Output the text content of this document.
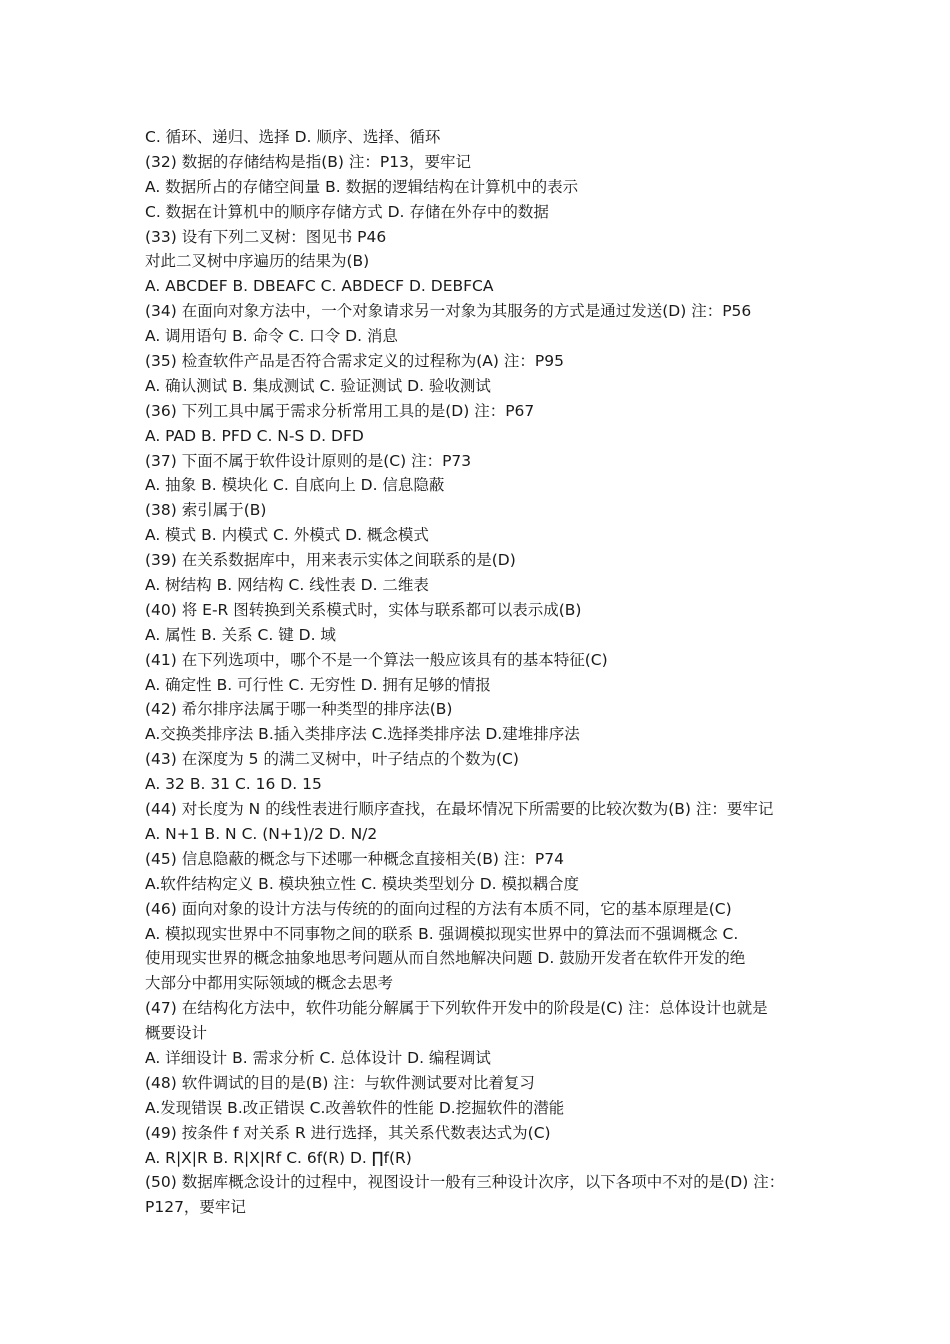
C. 循环、递归、选择 D. 顺序、选择、循环
(32) 数据的存储结构是指(B) 注：P13，要牢记
A. 数据所占的存储空间量 B. 数据的逻辑结构在计算机中的表示
C. 数据在计算机中的顺序存储方式 D. 存储在外存中的数据
(33) 设有下列二叉树：图见书 P46
对此二叉树中序遍历的结果为(B)
A. ABCDEF B. DBEAFC C. ABDECF D. DEBFCA
(34) 在面向对象方法中，一个对象请求另一对象为其服务的方式是通过发送(D) 注：P56
A. 调用语句 B. 命令 C. 口令 D. 消息
(35) 检查软件产品是否符合需求定义的过程称为(A) 注：P95
A. 确认测试 B. 集成测试 C. 验证测试 D. 验收测试
(36) 下列工具中属于需求分析常用工具的是(D) 注：P67
A. PAD B. PFD C. N-S D. DFD
(37) 下面不属于软件设计原则的是(C) 注：P73
A. 抽象 B. 模块化 C. 自底向上 D. 信息隐蔽
(38) 索引属于(B)
A. 模式 B. 内模式 C. 外模式 D. 概念模式
(39) 在关系数据库中，用来表示实体之间联系的是(D)
A. 树结构 B. 网结构 C. 线性表 D. 二维表
(40) 将 E-R 图转换到关系模式时，实体与联系都可以表示成(B)
A. 属性 B. 关系 C. 键 D. 域
(41) 在下列选项中，哪个不是一个算法一般应该具有的基本特征(C)
A. 确定性 B. 可行性 C. 无穷性 D. 拥有足够的情报
(42) 希尔排序法属于哪一种类型的排序法(B)
A.交换类排序法 B.插入类排序法 C.选择类排序法 D.建堆排序法
(43) 在深度为 5 的满二叉树中，叶子结点的个数为(C)
A. 32 B. 31 C. 16 D. 15
(44) 对长度为 N 的线性表进行顺序查找，在最坏情况下所需要的比较次数为(B) 注：要牢记
A. N+1 B. N C. (N+1)/2 D. N/2
(45) 信息隐蔽的概念与下述哪一种概念直接相关(B) 注：P74
A.软件结构定义 B. 模块独立性 C. 模块类型划分 D. 模拟耦合度
(46) 面向对象的设计方法与传统的的面向过程的方法有本质不同，它的基本原理是(C)
A. 模拟现实世界中不同事物之间的联系 B. 强调模拟现实世界中的算法而不强调概念 C.
使用现实世界的概念抽象地思考问题从而自然地解决问题 D. 鼓励开发者在软件开发的绝
大部分中都用实际领域的概念去思考
(47) 在结构化方法中，软件功能分解属于下列软件开发中的阶段是(C) 注：总体设计也就是
概要设计
A. 详细设计 B. 需求分析 C. 总体设计 D. 编程调试
(48) 软件调试的目的是(B) 注：与软件测试要对比着复习
A.发现错误 B.改正错误 C.改善软件的性能 D.挖掘软件的潜能
(49) 按条件 f 对关系 R 进行选择，其关系代数表达式为(C)
A. R|X|R B. R|X|Rf C. 6f(R) D. ∏f(R)
(50) 数据库概念设计的过程中，视图设计一般有三种设计次序，以下各项中不对的是(D) 注：
P127，要牢记
